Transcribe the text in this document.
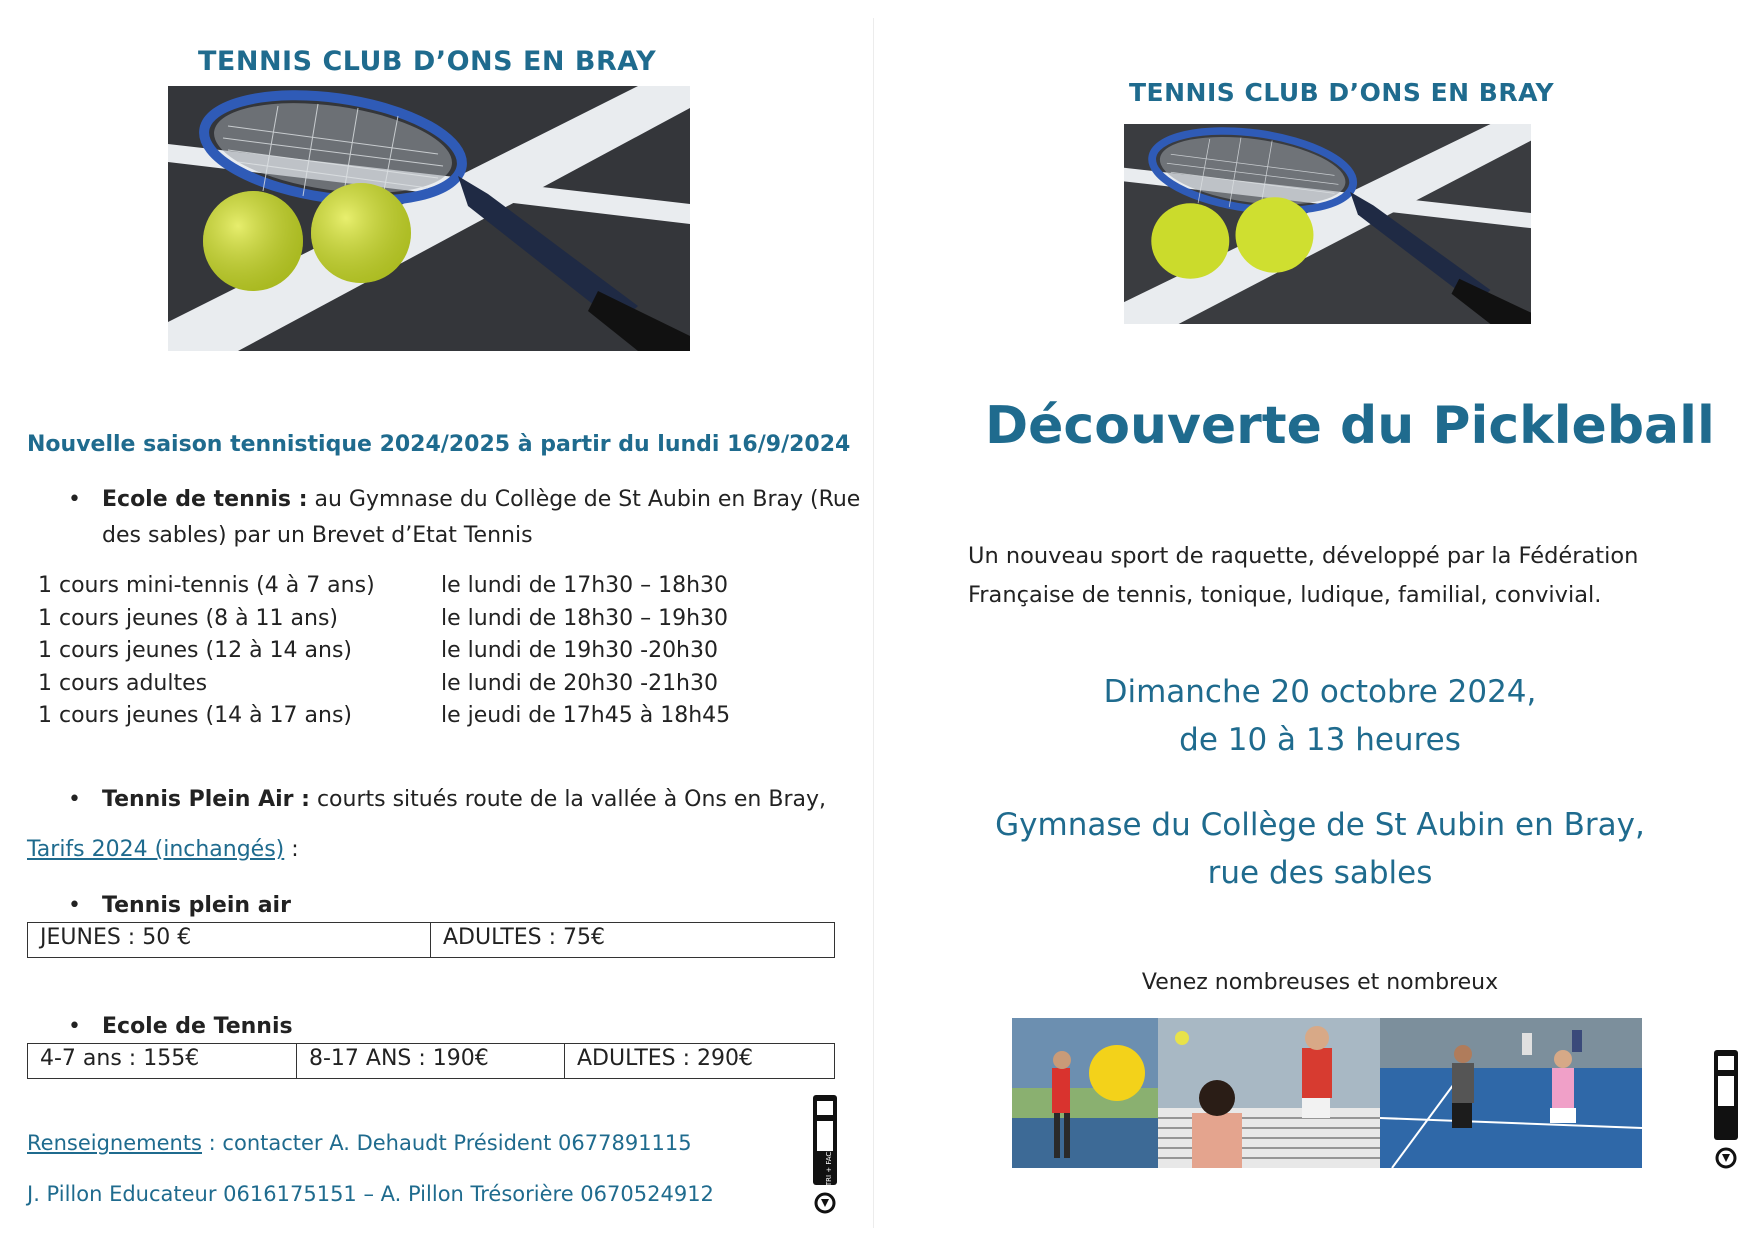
TENNIS CLUB D’ONS EN BRAY
Nouvelle saison tennistique 2024/2025 à partir du lundi 16/9/2024
• Ecole de tennis : au Gymnase du Collège de St Aubin en Bray (Rue
des sables) par un Brevet d’Etat Tennis
1 cours mini-tennis (4 à 7 ans)	le lundi de 17h30 – 18h30
1 cours jeunes (8 à 11 ans)	le lundi de 18h30 – 19h30
1 cours jeunes (12 à 14 ans)	le lundi de 19h30 -20h30
1 cours adultes	le lundi de 20h30 -21h30
1 cours jeunes (14 à 17 ans)	le jeudi de 17h45 à 18h45
• Tennis Plein Air : courts situés route de la vallée à Ons en Bray,
Tarifs 2024 (inchangés) :
• Tennis plein air
JEUNES : 50 €	ADULTES : 75€
• Ecole de Tennis
4-7 ans : 155€	8-17 ANS : 190€	ADULTES : 290€
Renseignements : contacter A. Dehaudt Président 0677891115
J. Pillon Educateur 0616175151 – A. Pillon Trésorière 0670524912	LE TRI + FACILE
TENNIS CLUB D’ONS EN BRAY
Découverte du Pickleball
Un nouveau sport de raquette, développé par la Fédération Française de tennis, tonique, ludique, familial, convivial.
Dimanche 20 octobre 2024,
de 10 à 13 heures
Gymnase du Collège de St Aubin en Bray,
rue des sables
Venez nombreuses et nombreux
